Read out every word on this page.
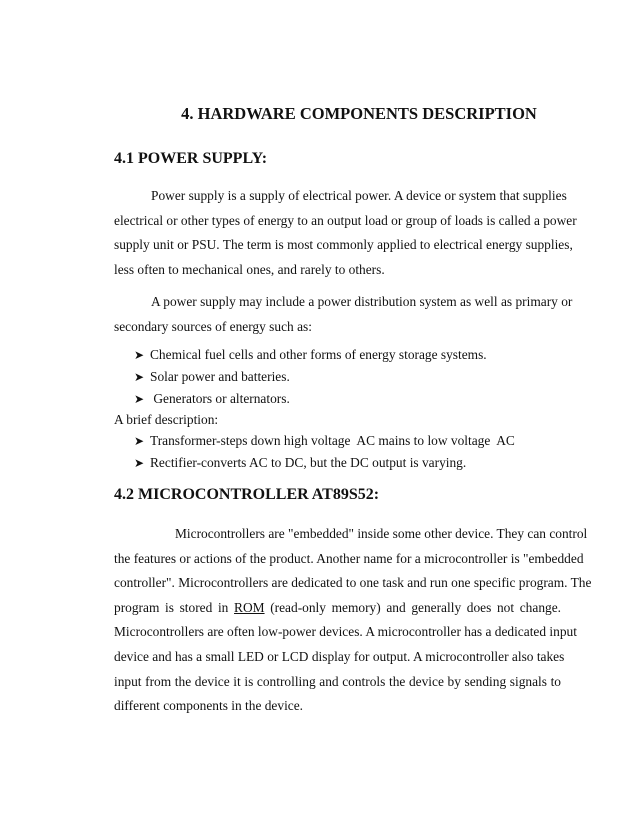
4. HARDWARE COMPONENTS DESCRIPTION
4.1 POWER SUPPLY:

Power supply is a supply of electrical power. A device or system that supplies
electrical or other types of energy to an output load or group of loads is called a power
supply unit or PSU. The term is most commonly applied to electrical energy supplies,
less often to mechanical ones, and rarely to others.

A power supply may include a power distribution system as well as primary or
secondary sources of energy such as:

➤ Chemical fuel cells and other forms of energy storage systems.
➤ Solar power and batteries.
➤ Generators or alternators.
A brief description:
➤ Transformer-steps down high voltage  AC mains to low voltage  AC
➤ Rectifier-converts AC to DC, but the DC output is varying.
4.2 MICROCONTROLLER AT89S52:

Microcontrollers are "embedded" inside some other device. They can control
the features or actions of the product. Another name for a microcontroller is "embedded
controller". Microcontrollers are dedicated to one task and run one specific program. The
program is stored in ROM (read-only memory) and generally does not change.
Microcontrollers are often low-power devices. A microcontroller has a dedicated input
device and has a small LED or LCD display for output. A microcontroller also takes
input from the device it is controlling and controls the device by sending signals to
different components in the device.
